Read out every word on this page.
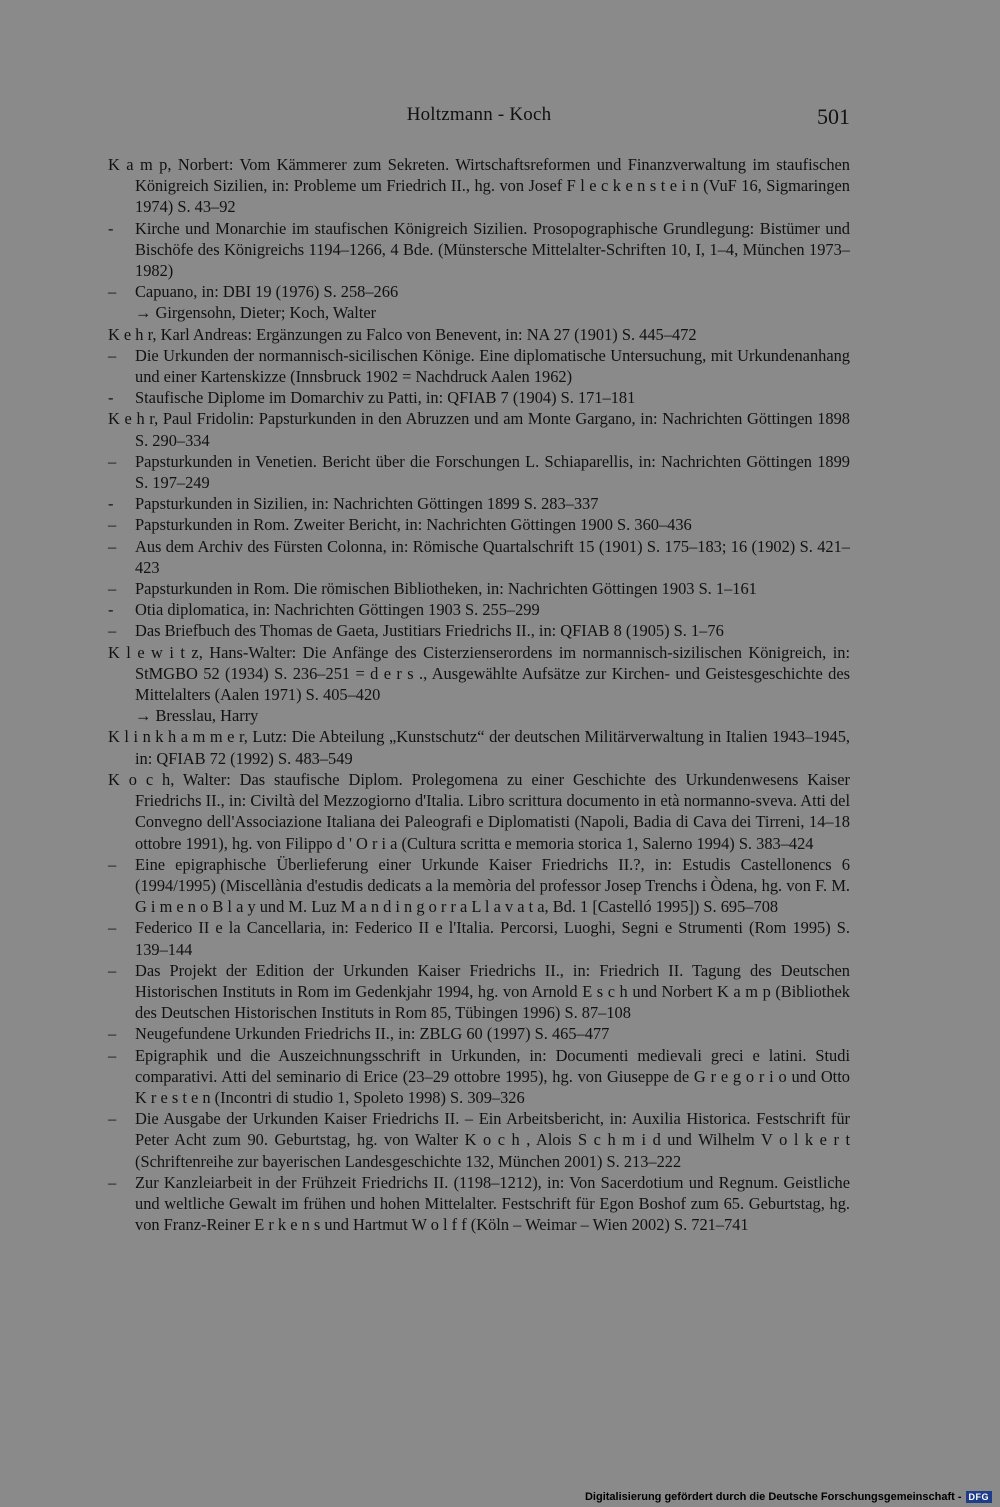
Holtzmann - Koch	501
K a m p, Norbert: Vom Kämmerer zum Sekreten. Wirtschaftsreformen und Finanzverwaltung im staufischen Königreich Sizilien, in: Probleme um Friedrich II., hg. von Josef F l e c k e n s t e i n (VuF 16, Sigmaringen 1974) S. 43–92
-	Kirche und Monarchie im staufischen Königreich Sizilien. Prosopographische Grundlegung: Bistümer und Bischöfe des Königreichs 1194–1266, 4 Bde. (Münstersche Mittelalter-Schriften 10, I, 1–4, München 1973–1982)
–	Capuano, in: DBI 19 (1976) S. 258–266
→ Girgensohn, Dieter; Koch, Walter
K e h r, Karl Andreas: Ergänzungen zu Falco von Benevent, in: NA 27 (1901) S. 445–472
–	Die Urkunden der normannisch-sicilischen Könige. Eine diplomatische Untersuchung, mit Urkundenanhang und einer Kartenskizze (Innsbruck 1902 = Nachdruck Aalen 1962)
-	Staufische Diplome im Domarchiv zu Patti, in: QFIAB 7 (1904) S. 171–181
K e h r, Paul Fridolin: Papsturkunden in den Abruzzen und am Monte Gargano, in: Nachrichten Göttingen 1898 S. 290–334
–	Papsturkunden in Venetien. Bericht über die Forschungen L. Schiaparellis, in: Nachrichten Göttingen 1899 S. 197–249
-	Papsturkunden in Sizilien, in: Nachrichten Göttingen 1899 S. 283–337
–	Papsturkunden in Rom. Zweiter Bericht, in: Nachrichten Göttingen 1900 S. 360–436
–	Aus dem Archiv des Fürsten Colonna, in: Römische Quartalschrift 15 (1901) S. 175–183; 16 (1902) S. 421–423
–	Papsturkunden in Rom. Die römischen Bibliotheken, in: Nachrichten Göttingen 1903 S. 1–161
-	Otia diplomatica, in: Nachrichten Göttingen 1903 S. 255–299
–	Das Briefbuch des Thomas de Gaeta, Justitiars Friedrichs II., in: QFIAB 8 (1905) S. 1–76
K l e w i t z, Hans-Walter: Die Anfänge des Cisterzienserordens im normannisch-sizilischen Königreich, in: StMGBO 52 (1934) S. 236–251 = d e r s ., Ausgewählte Aufsätze zur Kirchen- und Geistesgeschichte des Mittelalters (Aalen 1971) S. 405–420
→ Bresslau, Harry
K l i n k h a m m e r, Lutz: Die Abteilung „Kunstschutz“ der deutschen Militärverwaltung in Italien 1943–1945, in: QFIAB 72 (1992) S. 483–549
K o c h, Walter: Das staufische Diplom. Prolegomena zu einer Geschichte des Urkundenwesens Kaiser Friedrichs II., in: Civiltà del Mezzogiorno d'Italia. Libro scrittura documento in età normanno-sveva. Atti del Convegno dell'Associazione Italiana dei Paleografi e Diplomatisti (Napoli, Badia di Cava dei Tirreni, 14–18 ottobre 1991), hg. von Filippo d ' O r i a (Cultura scritta e memoria storica 1, Salerno 1994) S. 383–424
–	Eine epigraphische Überlieferung einer Urkunde Kaiser Friedrichs II.?, in: Estudis Castellonencs 6 (1994/1995) (Miscellània d'estudis dedicats a la memòria del professor Josep Trenchs i Òdena, hg. von F. M. G i m e n o B l a y und M. Luz M a n d i n g o r r a L l a v a t a, Bd. 1 [Castelló 1995]) S. 695–708
–	Federico II e la Cancellaria, in: Federico II e l'Italia. Percorsi, Luoghi, Segni e Strumenti (Rom 1995) S. 139–144
–	Das Projekt der Edition der Urkunden Kaiser Friedrichs II., in: Friedrich II. Tagung des Deutschen Historischen Instituts in Rom im Gedenkjahr 1994, hg. von Arnold E s c h und Norbert K a m p (Bibliothek des Deutschen Historischen Instituts in Rom 85, Tübingen 1996) S. 87–108
–	Neugefundene Urkunden Friedrichs II., in: ZBLG 60 (1997) S. 465–477
–	Epigraphik und die Auszeichnungsschrift in Urkunden, in: Documenti medievali greci e latini. Studi comparativi. Atti del seminario di Erice (23–29 ottobre 1995), hg. von Giuseppe de G r e g o r i o und Otto K r e s t e n (Incontri di studio 1, Spoleto 1998) S. 309–326
–	Die Ausgabe der Urkunden Kaiser Friedrichs II. – Ein Arbeitsbericht, in: Auxilia Historica. Festschrift für Peter Acht zum 90. Geburtstag, hg. von Walter K o c h , Alois S c h m i d und Wilhelm V o l k e r t (Schriftenreihe zur bayerischen Landesgeschichte 132, München 2001) S. 213–222
–	Zur Kanzleiarbeit in der Frühzeit Friedrichs II. (1198–1212), in: Von Sacerdotium und Regnum. Geistliche und weltliche Gewalt im frühen und hohen Mittelalter. Festschrift für Egon Boshof zum 65. Geburtstag, hg. von Franz-Reiner E r k e n s und Hartmut W o l f f (Köln – Weimar – Wien 2002) S. 721–741
Digitalisierung gefördert durch die Deutsche Forschungsgemeinschaft - DFG
